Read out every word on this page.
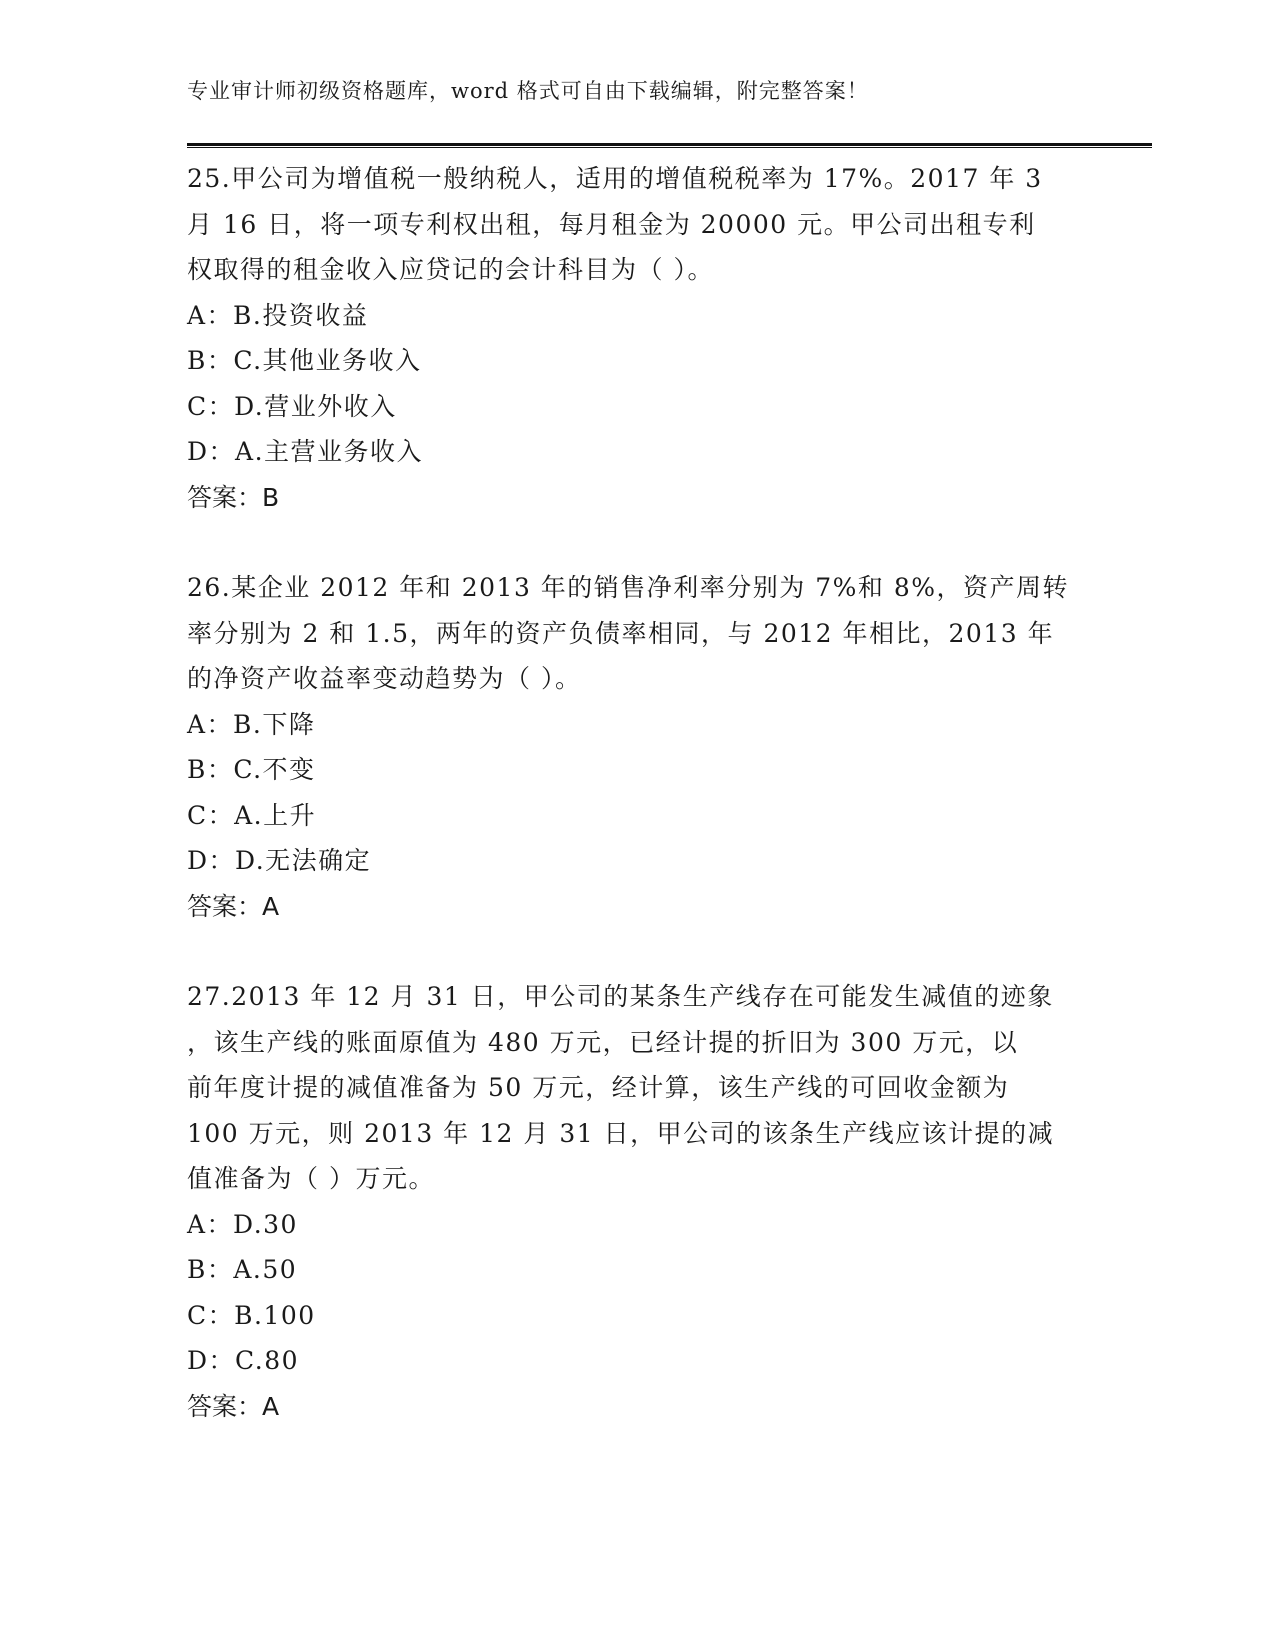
专业审计师初级资格题库，word 格式可自由下载编辑，附完整答案！

25.甲公司为增值税一般纳税人，适用的增值税税率为 17%。2017 年 3

月 16 日，将一项专利权出租，每月租金为 20000 元。甲公司出租专利

权取得的租金收入应贷记的会计科目为（ ）。

A：B.投资收益

B：C.其他业务收入

C：D.营业外收入

D：A.主营业务收入

答案：B

26.某企业 2012 年和 2013 年的销售净利率分别为 7%和 8%，资产周转

率分别为 2 和 1.5，两年的资产负债率相同，与 2012 年相比，2013 年

的净资产收益率变动趋势为（ ）。

A：B.下降

B：C.不变

C：A.上升

D：D.无法确定

答案：A

27.2013 年 12 月 31 日，甲公司的某条生产线存在可能发生减值的迹象

，该生产线的账面原值为 480 万元，已经计提的折旧为 300 万元，以

前年度计提的减值准备为 50 万元，经计算，该生产线的可回收金额为

100 万元，则 2013 年 12 月 31 日，甲公司的该条生产线应该计提的减

值准备为（ ）万元。

A：D.30

B：A.50

C：B.100

D：C.80

答案：A
